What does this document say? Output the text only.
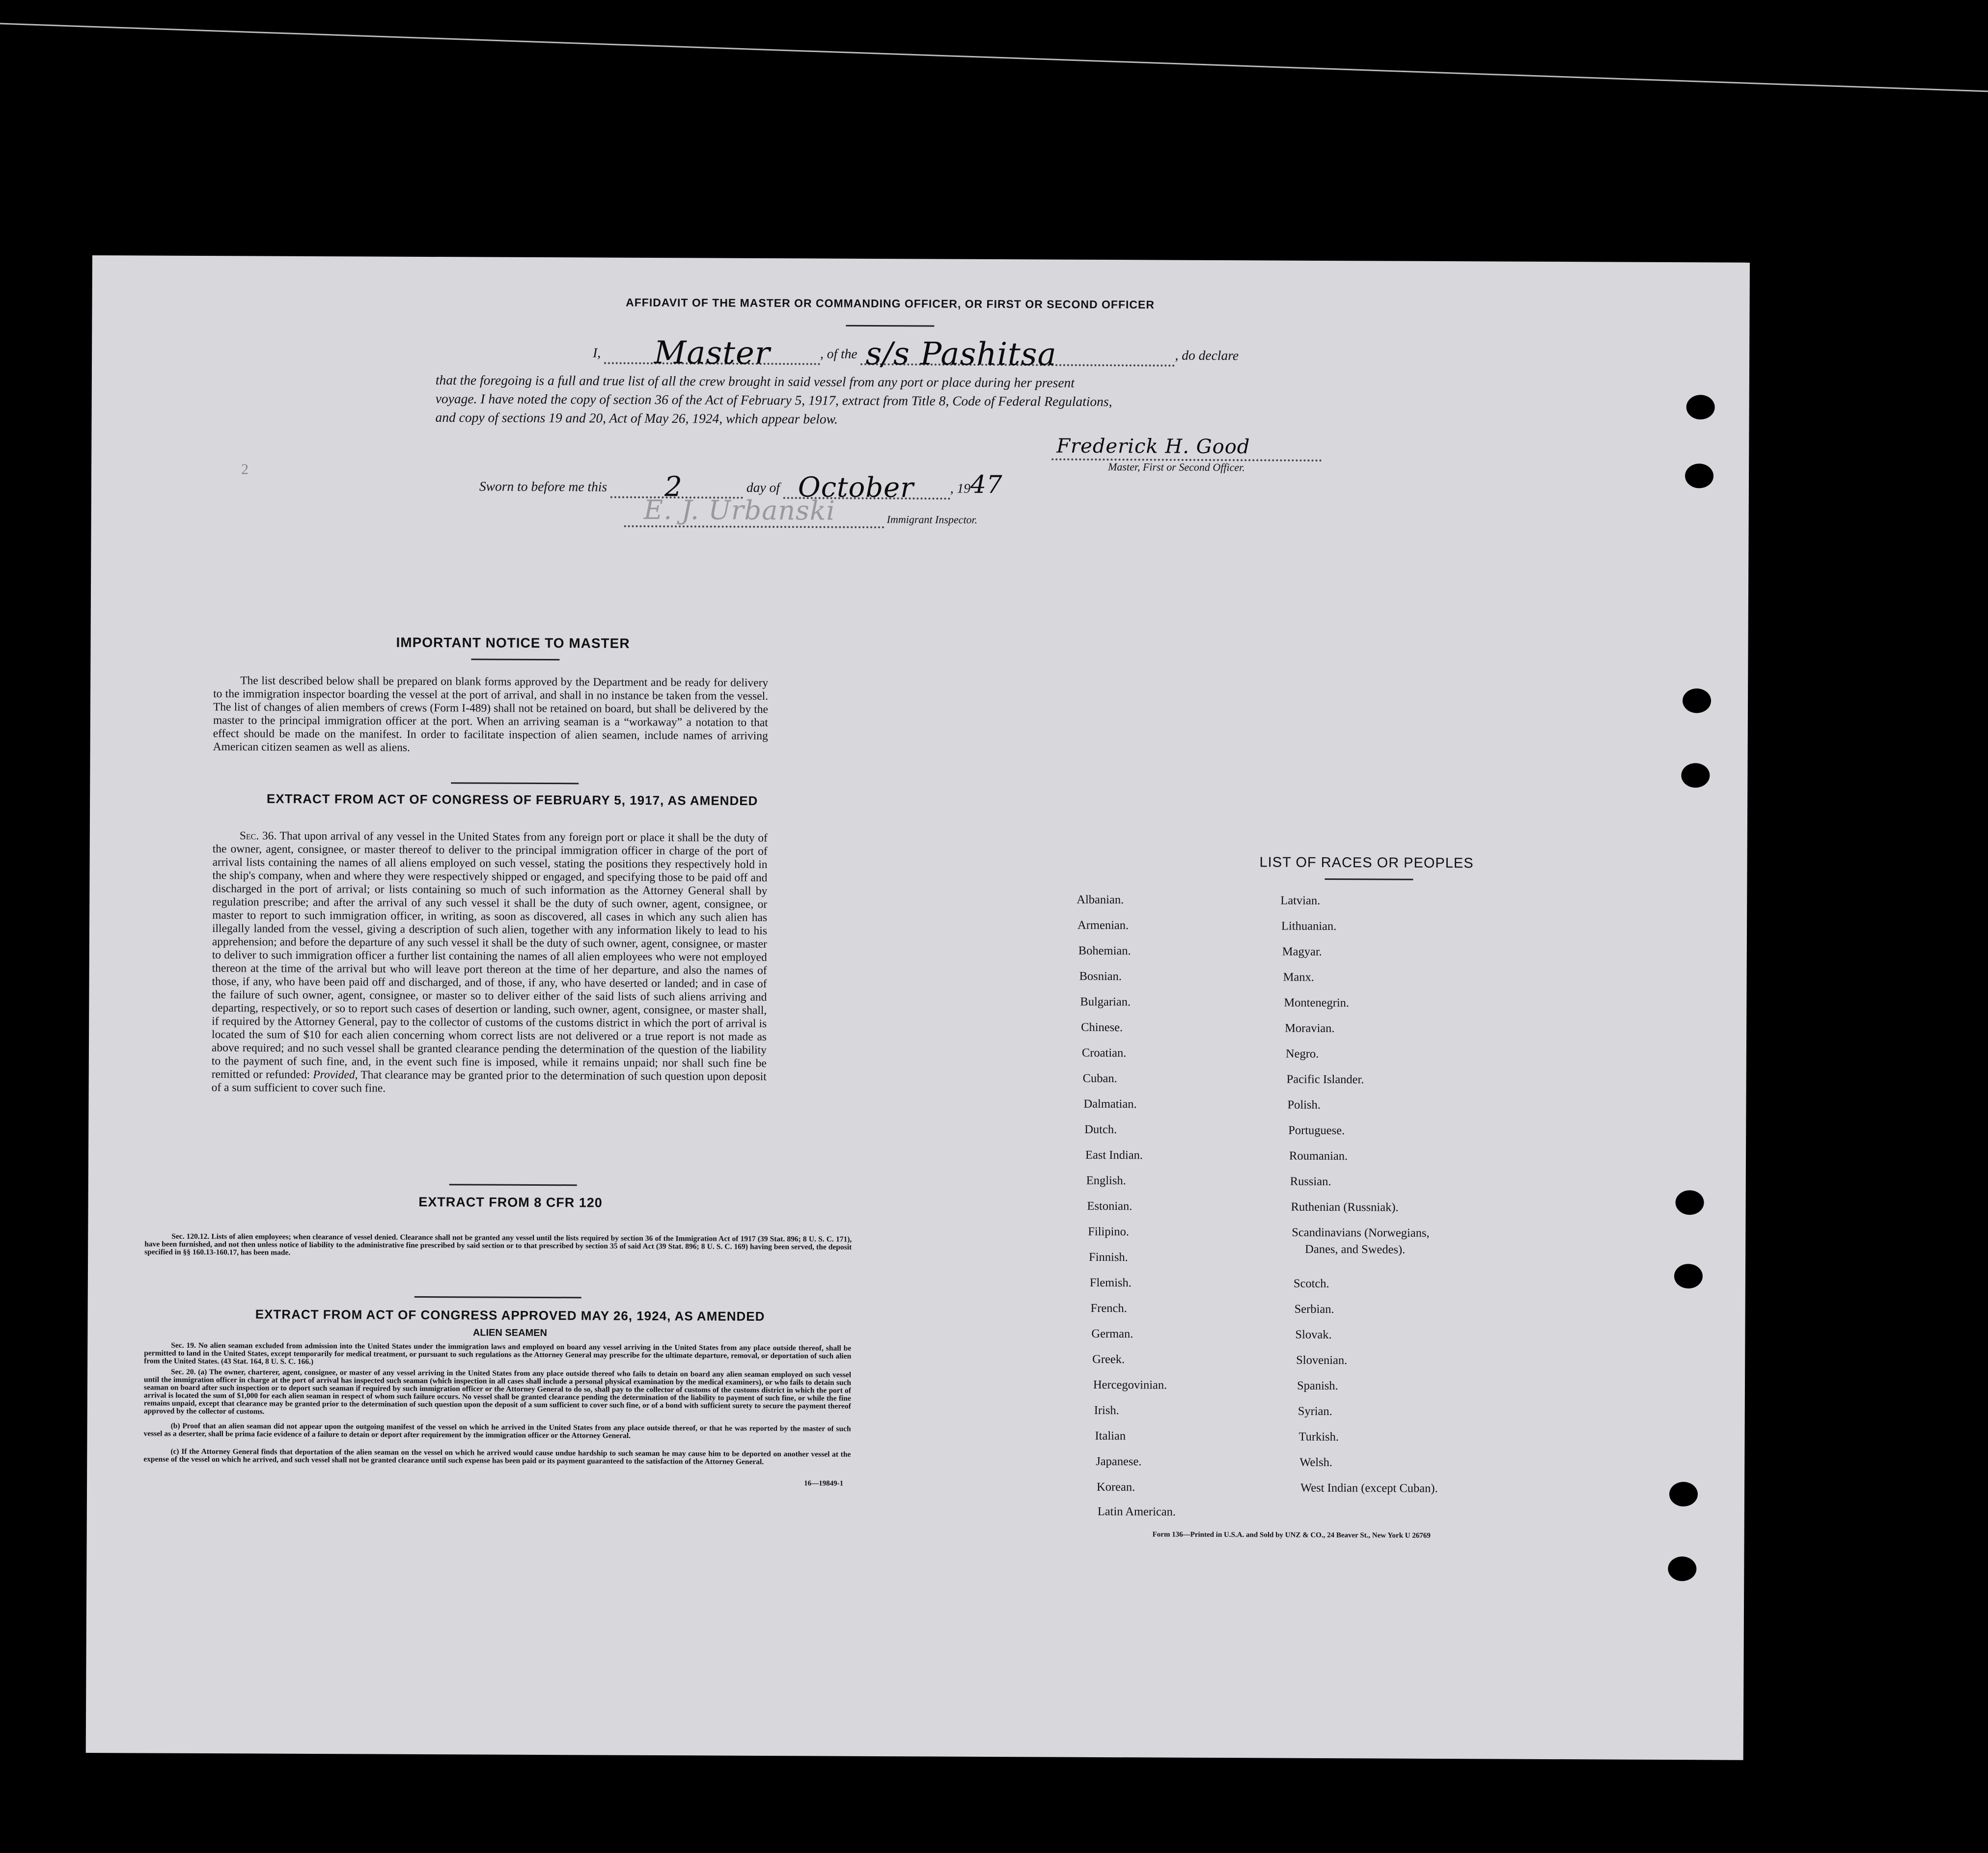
AFFIDAVIT OF THE MASTER OR COMMANDING OFFICER, OR FIRST OR SECOND OFFICER
I,	Master	, of the s/s Pashitsa	, do declare
that the foregoing is a full and true list of all the crew brought in said vessel from any port or place during her present
voyage. I have noted the copy of section 36 of the Act of February 5, 1917, extract from Title 8, Code of Federal Regulations,
and copy of sections 19 and 20, Act of May 26, 1924, which appear below.
Frederick H. Good
Master, First or Second Officer.
Sworn to before me this 2	day of October	, 1947
E. J. Urbanski	Immigrant Inspector.
2
IMPORTANT NOTICE TO MASTER
The list described below shall be prepared on blank forms approved by the Department and be ready for delivery to the immigration inspector boarding the vessel at the port of arrival, and shall in no instance be taken from the vessel. The list of changes of alien members of crews (Form I-489) shall not be retained on board, but shall be delivered by the master to the principal immigration officer at the port. When an arriving seaman is a “workaway” a notation to that effect should be made on the manifest. In order to facilitate inspection of alien seamen, include names of arriving American citizen seamen as well as aliens.
EXTRACT FROM ACT OF CONGRESS OF FEBRUARY 5, 1917, AS AMENDED
Sec. 36. That upon arrival of any vessel in the United States from any foreign port or place it shall be the duty of the owner, agent, consignee, or master thereof to deliver to the principal immigration officer in charge of the port of arrival lists containing the names of all aliens employed on such vessel, stating the positions they respectively hold in the ship's company, when and where they were respectively shipped or engaged, and specifying those to be paid off and discharged in the port of arrival; or lists containing so much of such information as the Attorney General shall by regulation prescribe; and after the arrival of any such vessel it shall be the duty of such owner, agent, consignee, or master to report to such immigration officer, in writing, as soon as discovered, all cases in which any such alien has illegally landed from the vessel, giving a description of such alien, together with any information likely to lead to his apprehension; and before the departure of any such vessel it shall be the duty of such owner, agent, consignee, or master to deliver to such immigration officer a further list containing the names of all alien employees who were not employed thereon at the time of the arrival but who will leave port thereon at the time of her departure, and also the names of those, if any, who have been paid off and discharged, and of those, if any, who have deserted or landed; and in case of the failure of such owner, agent, consignee, or master so to deliver either of the said lists of such aliens arriving and departing, respectively, or so to report such cases of desertion or landing, such owner, agent, consignee, or master shall, if required by the Attorney General, pay to the collector of customs of the customs district in which the port of arrival is located the sum of $10 for each alien concerning whom correct lists are not delivered or a true report is not made as above required; and no such vessel shall be granted clearance pending the determination of the question of the liability to the payment of such fine, and, in the event such fine is imposed, while it remains unpaid; nor shall such fine be remitted or refunded: Provided, That clearance may be granted prior to the determination of such question upon deposit of a sum sufficient to cover such fine.
EXTRACT FROM 8 CFR 120
Sec. 120.12. Lists of alien employees; when clearance of vessel denied. Clearance shall not be granted any vessel until the lists required by section 36 of the Immigration Act of 1917 (39 Stat. 896; 8 U. S. C. 171), have been furnished, and not then unless notice of liability to the administrative fine prescribed by said section or to that prescribed by section 35 of said Act (39 Stat. 896; 8 U. S. C. 169) having been served, the deposit specified in §§ 160.13-160.17, has been made.
EXTRACT FROM ACT OF CONGRESS APPROVED MAY 26, 1924, AS AMENDED
ALIEN SEAMEN
Sec. 19. No alien seaman excluded from admission into the United States under the immigration laws and employed on board any vessel arriving in the United States from any place outside thereof, shall be permitted to land in the United States, except temporarily for medical treatment, or pursuant to such regulations as the Attorney General may prescribe for the ultimate departure, removal, or deportation of such alien from the United States. (43 Stat. 164, 8 U. S. C. 166.)
Sec. 20. (a) The owner, charterer, agent, consignee, or master of any vessel arriving in the United States from any place outside thereof who fails to detain on board any alien seaman employed on such vessel until the immigration officer in charge at the port of arrival has inspected such seaman (which inspection in all cases shall include a personal physical examination by the medical examiners), or who fails to detain such seaman on board after such inspection or to deport such seaman if required by such immigration officer or the Attorney General to do so, shall pay to the collector of customs of the customs district in which the port of arrival is located the sum of $1,000 for each alien seaman in respect of whom such failure occurs. No vessel shall be granted clearance pending the determination of the liability to payment of such fine, or while the fine remains unpaid, except that clearance may be granted prior to the determination of such question upon the deposit of a sum sufficient to cover such fine, or of a bond with sufficient surety to secure the payment thereof approved by the collector of customs.
(b) Proof that an alien seaman did not appear upon the outgoing manifest of the vessel on which he arrived in the United States from any place outside thereof, or that he was reported by the master of such vessel as a deserter, shall be prima facie evidence of a failure to detain or deport after requirement by the immigration officer or the Attorney General.
(c) If the Attorney General finds that deportation of the alien seaman on the vessel on which he arrived would cause undue hardship to such seaman he may cause him to be deported on another vessel at the expense of the vessel on which he arrived, and such vessel shall not be granted clearance until such expense has been paid or its payment guaranteed to the satisfaction of the Attorney General.
16—19849-1
LIST OF RACES OR PEOPLES
Albanian.
Armenian.
Bohemian.
Bosnian.
Bulgarian.
Chinese.
Croatian.
Cuban.
Dalmatian.
Dutch.
East Indian.
English.
Estonian.
Filipino.
Finnish.
Flemish.
French.
German.
Greek.
Hercegovinian.
Irish.
Italian
Japanese.
Korean.
Latin American.
Latvian.
Lithuanian.
Magyar.
Manx.
Montenegrin.
Moravian.
Negro.
Pacific Islander.
Polish.
Portuguese.
Roumanian.
Russian.
Ruthenian (Russniak).
Scandinavians (Norwegians,
Danes, and Swedes).
Scotch.
Serbian.
Slovak.
Slovenian.
Spanish.
Syrian.
Turkish.
Welsh.
West Indian (except Cuban).
Form 136—Printed in U.S.A. and Sold by UNZ & CO., 24 Beaver St., New York U 26769
